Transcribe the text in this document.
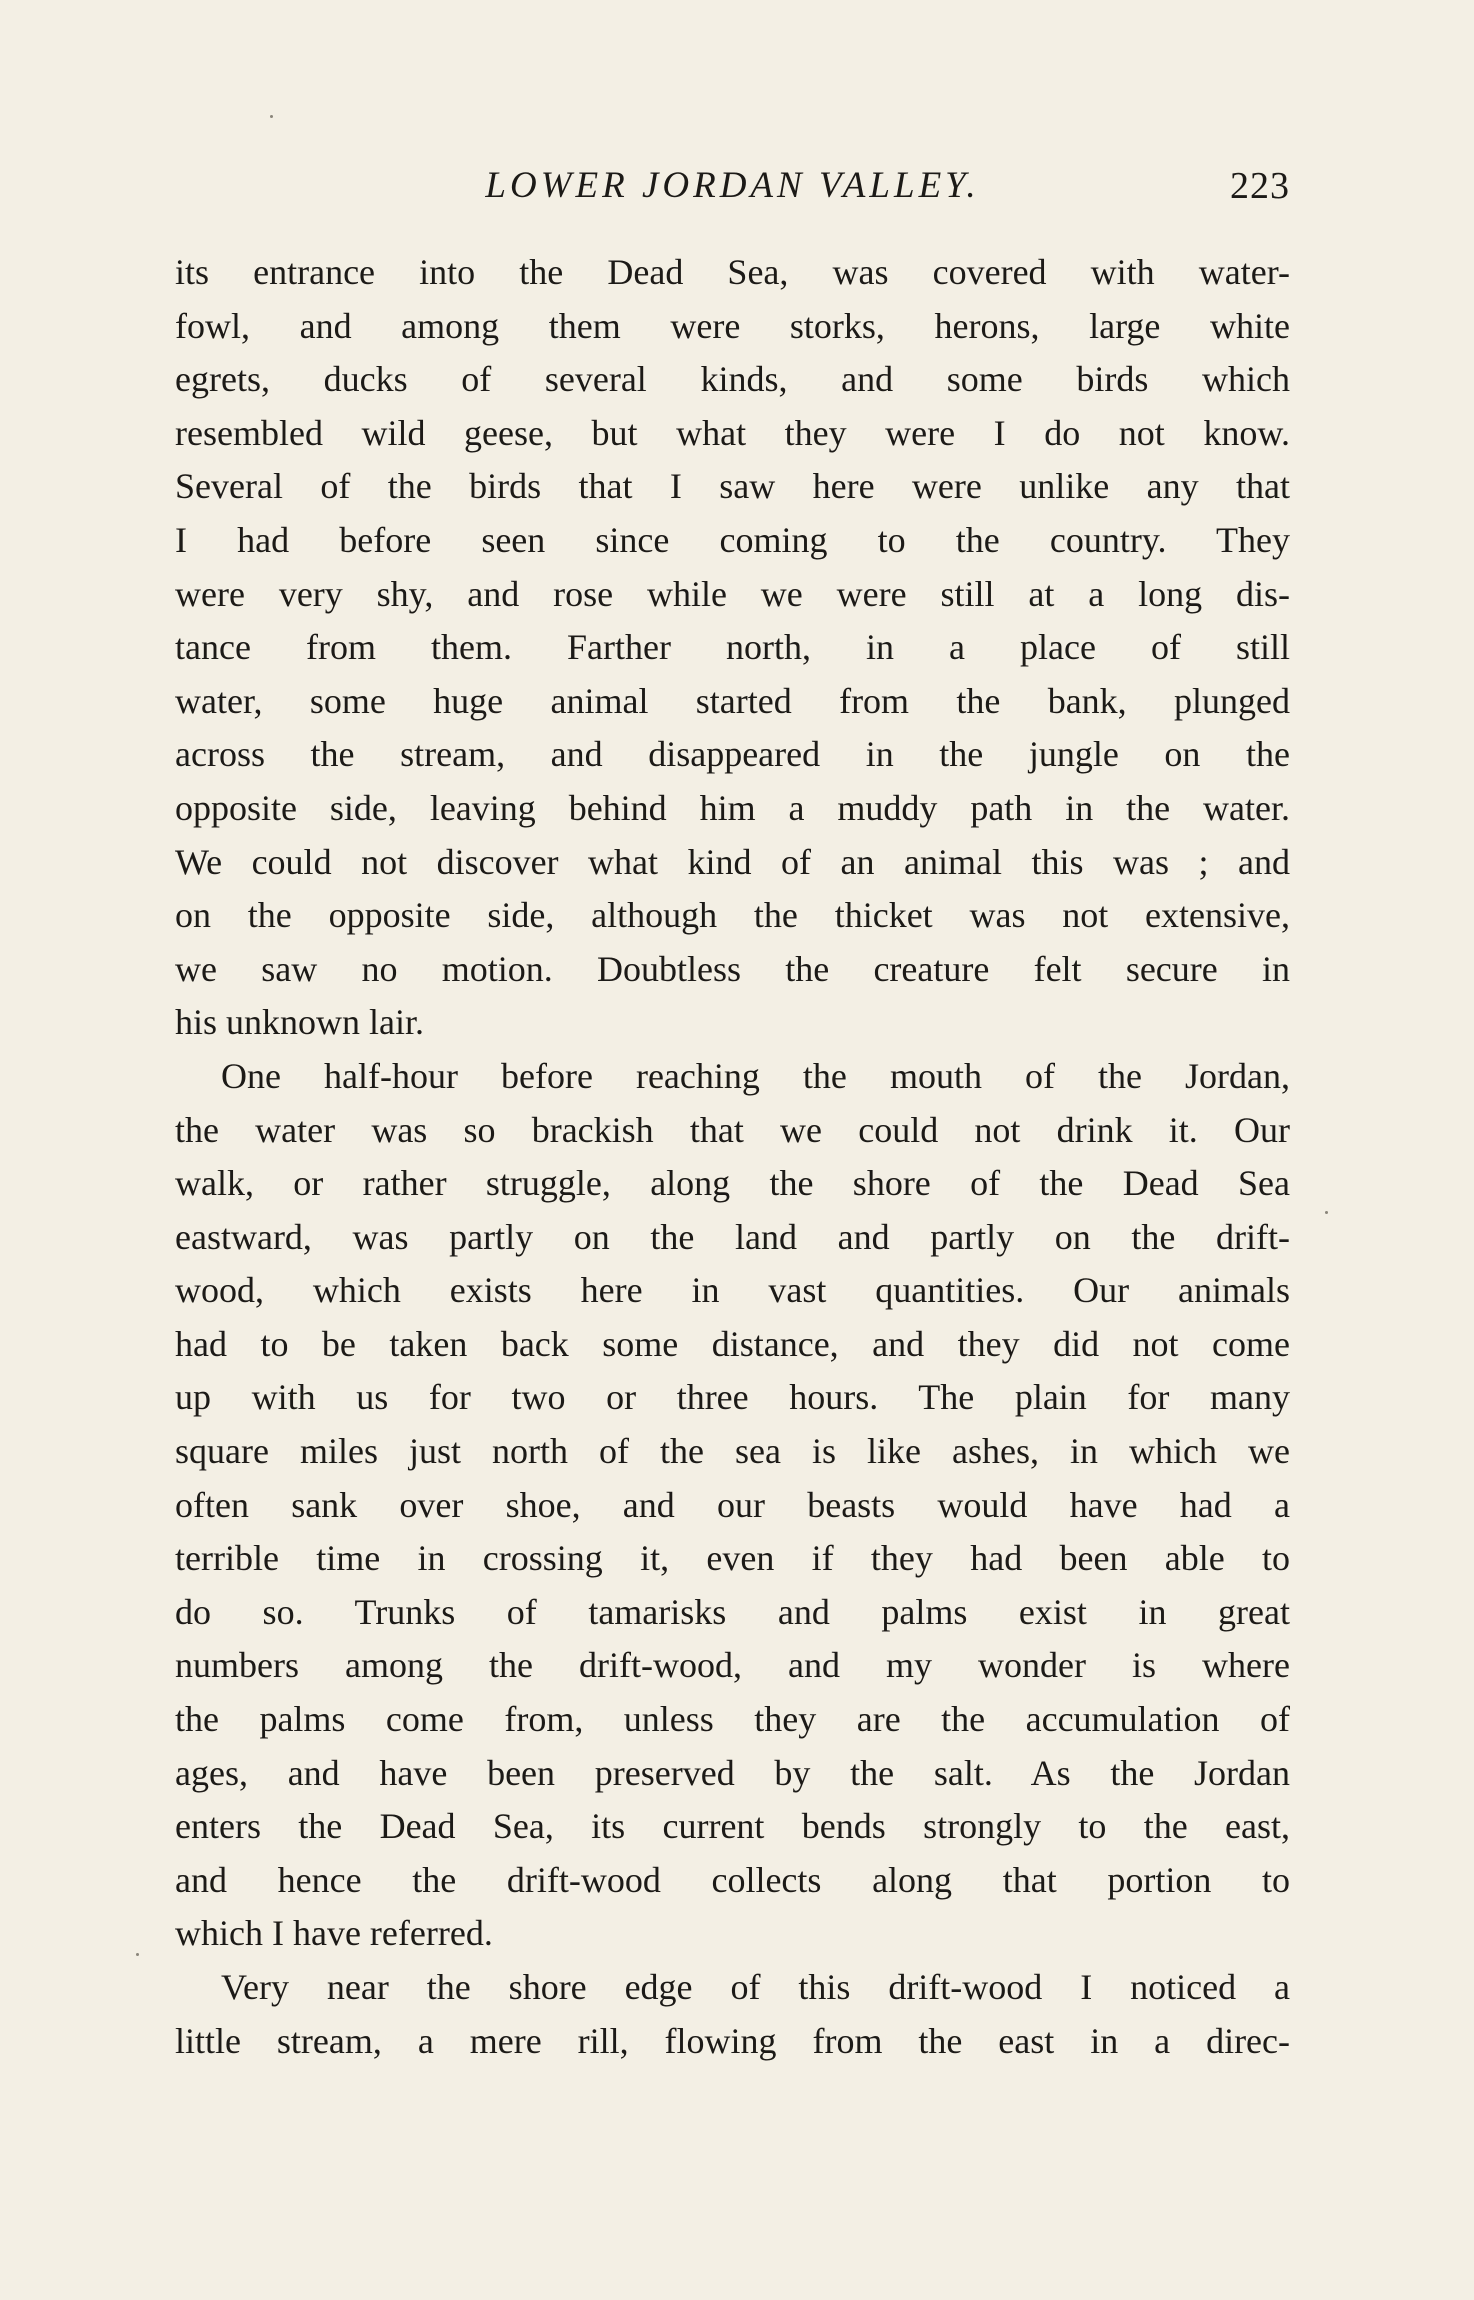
LOWER JORDAN VALLEY.	223
its entrance into the Dead Sea, was covered with water-
fowl, and among them were storks, herons, large white
egrets, ducks of several kinds, and some birds which
resembled wild geese, but what they were I do not know.
Several of the birds that I saw here were unlike any that
I had before seen since coming to the country. They
were very shy, and rose while we were still at a long dis-
tance from them. Farther north, in a place of still
water, some huge animal started from the bank, plunged
across the stream, and disappeared in the jungle on the
opposite side, leaving behind him a muddy path in the water.
We could not discover what kind of an animal this was ; and
on the opposite side, although the thicket was not extensive,
we saw no motion. Doubtless the creature felt secure in
his unknown lair.
One half-hour before reaching the mouth of the Jordan,
the water was so brackish that we could not drink it. Our
walk, or rather struggle, along the shore of the Dead Sea
eastward, was partly on the land and partly on the drift-
wood, which exists here in vast quantities. Our animals
had to be taken back some distance, and they did not come
up with us for two or three hours. The plain for many
square miles just north of the sea is like ashes, in which we
often sank over shoe, and our beasts would have had a
terrible time in crossing it, even if they had been able to
do so. Trunks of tamarisks and palms exist in great
numbers among the drift-wood, and my wonder is where
the palms come from, unless they are the accumulation of
ages, and have been preserved by the salt. As the Jordan
enters the Dead Sea, its current bends strongly to the east,
and hence the drift-wood collects along that portion to
which I have referred.
Very near the shore edge of this drift-wood I noticed a
little stream, a mere rill, flowing from the east in a direc-
